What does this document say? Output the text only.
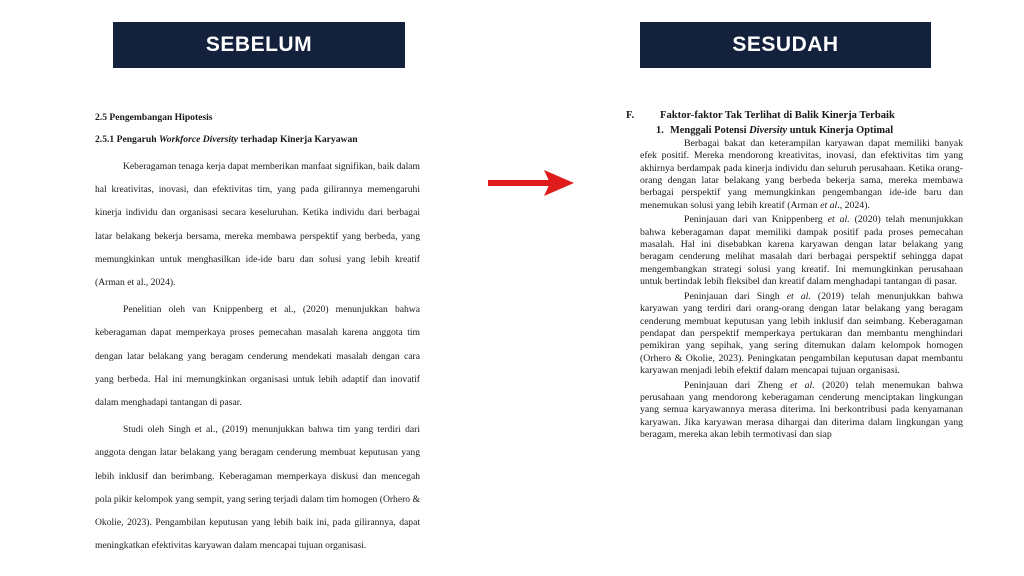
SEBELUM	SESUDAH
2.5 Pengembangan Hipotesis
2.5.1 Pengaruh Workforce Diversity terhadap Kinerja Karyawan
Keberagaman tenaga kerja dapat memberikan manfaat signifikan, baik dalam hal kreativitas, inovasi, dan efektivitas tim, yang pada gilirannya memengaruhi kinerja individu dan organisasi secara keseluruhan. Ketika individu dari berbagai latar belakang bekerja bersama, mereka membawa perspektif yang berbeda, yang memungkinkan untuk menghasilkan ide-ide baru dan solusi yang lebih kreatif (Arman et al., 2024).
Penelitian oleh van Knippenberg et al., (2020) menunjukkan bahwa keberagaman dapat memperkaya proses pemecahan masalah karena anggota tim dengan latar belakang yang beragam cenderung mendekati masalah dengan cara yang berbeda. Hal ini memungkinkan organisasi untuk lebih adaptif dan inovatif dalam menghadapi tantangan di pasar.
Studi oleh Singh et al., (2019) menunjukkan bahwa tim yang terdiri dari anggota dengan latar belakang yang beragam cenderung membuat keputusan yang lebih inklusif dan berimbang. Keberagaman memperkaya diskusi dan mencegah pola pikir kelompok yang sempit, yang sering terjadi dalam tim homogen (Orhero & Okolie, 2023). Pengambilan keputusan yang lebih baik ini, pada gilirannya, dapat meningkatkan efektivitas karyawan dalam mencapai tujuan organisasi.
F.	Faktor-faktor Tak Terlihat di Balik Kinerja Terbaik
1. Menggali Potensi Diversity untuk Kinerja Optimal
Berbagai bakat dan keterampilan karyawan dapat memiliki banyak efek positif. Mereka mendorong kreativitas, inovasi, dan efektivitas tim yang akhirnya berdampak pada kinerja individu dan seluruh perusahaan. Ketika orang-orang dengan latar belakang yang berbeda bekerja sama, mereka membawa berbagai perspektif yang memungkinkan pengembangan ide-ide baru dan menemukan solusi yang lebih kreatif (Arman et al., 2024).
Peninjauan dari van Knippenberg et al. (2020) telah menunjukkan bahwa keberagaman dapat memiliki dampak positif pada proses pemecahan masalah. Hal ini disebabkan karena karyawan dengan latar belakang yang beragam cenderung melihat masalah dari berbagai perspektif sehingga dapat mengembangkan strategi solusi yang kreatif. Ini memungkinkan perusahaan untuk bertindak lebih fleksibel dan kreatif dalam menghadapi tantangan di pasar.
Peninjauan dari Singh et al. (2019) telah menunjukkan bahwa karyawan yang terdiri dari orang-orang dengan latar belakang yang beragam cenderung membuat keputusan yang lebih inklusif dan seimbang. Keberagaman pendapat dan perspektif memperkaya pertukaran dan membantu menghindari pemikiran yang sepihak, yang sering ditemukan dalam kelompok homogen (Orhero & Okolie, 2023). Peningkatan pengambilan keputusan dapat membantu karyawan menjadi lebih efektif dalam mencapai tujuan organisasi.
Peninjauan dari Zheng et al. (2020) telah menemukan bahwa perusahaan yang mendorong keberagaman cenderung menciptakan lingkungan yang semua karyawannya merasa diterima. Ini berkontribusi pada kenyamanan karyawan. Jika karyawan merasa dihargai dan diterima dalam lingkungan yang beragam, mereka akan lebih termotivasi dan siap
